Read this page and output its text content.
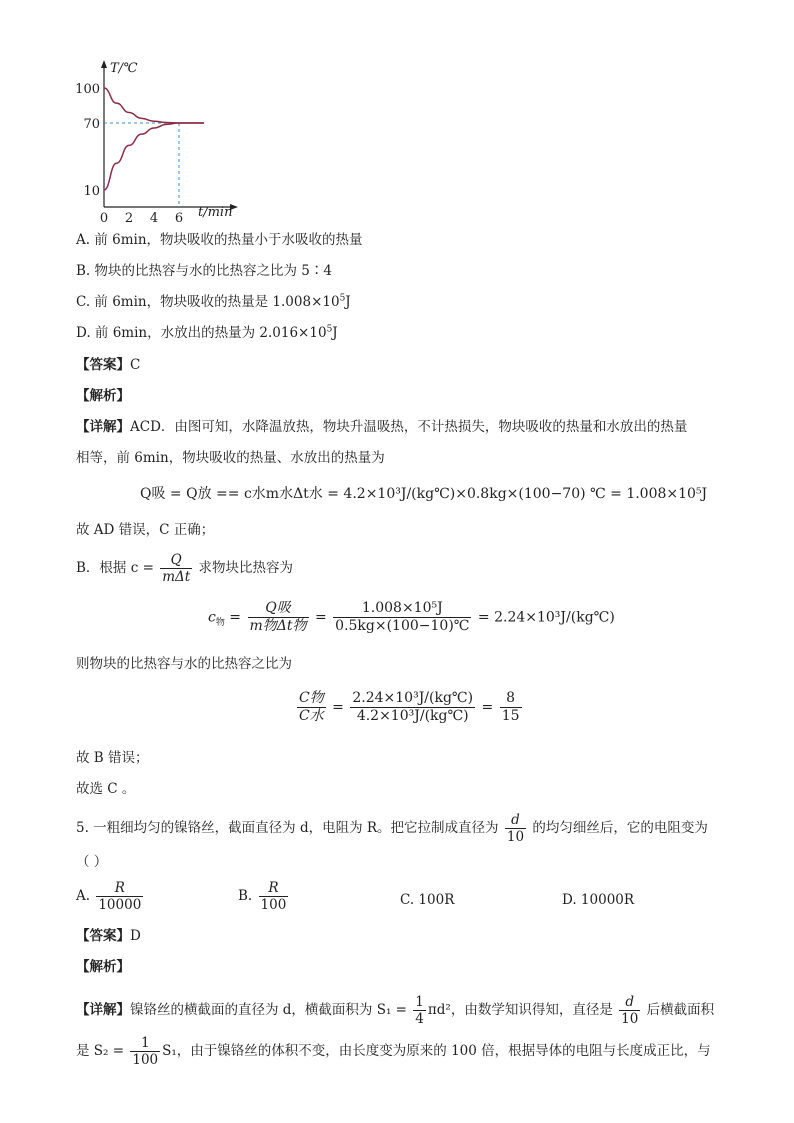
T/℃
t/min
100
70
10
0 2 4 6
A. 前 6min，物块吸收的热量小于水吸收的热量
B. 物块的比热容与水的比热容之比为 5∶4
C. 前 6min，物块吸收的热量是 $1.008\times 10^5J$
D. 前 6min，水放出的热量为 $2.016\times 10^5J$
【答案】C
【解析】
【详解】ACD．由图可知，水降温放热，物块升温吸热，不计热损失，物块吸收的热量和水放出的热量
相等，前 6min，物块吸收的热量、水放出的热量为
Q吸 = Q放 == c水m水Δt水 = 4.2×10³J/(kg℃)×0.8kg×(100−70) ℃ = 1.008×10⁵J
故 AD 错误，C 正确；
B．根据 $c = \frac{Q}{\text{mΔt}}$ 求物块比热容为
$c_物 = \frac{\text{Q吸}}{\text{m物Δt物}} = \frac{\text{1.008×10⁵J}}{0.5kg\times(100-10)℃}$ = 2.24×10³J/(kg℃)
则物块的比热容与水的比热容之比为
$\frac{\text{C物}}{\text{C水}} = \frac{\text{2.24×10³J/(kg℃)}}{\text{4.2×10³J/(kg℃)}} = \frac{8}{15}$
故 B 错误；
故选 C 。
5. 一粗细均匀的镍铬丝，截面直径为 d，电阻为 R。把它拉制成直径为 $\frac{d}{10}$ 的均匀细丝后，它的电阻变为
（ ）
A. $\frac{R}{10000}$	B. $\frac{R}{100}$	C. 100R	D. 10000R
【答案】D
【解析】
【详解】镍铬丝的横截面的直径为 d，横截面积为 $S_1 = \frac{1}{4} \pi d^2$，由数学知识得知，直径是 $\frac{d}{10}$ 后横截面积
是 $S_2 = \frac{1}{100} S_1$，由于镍铬丝的体积不变，由长度变为原来的 100 倍，根据导体的电阻与长度成正比，与
